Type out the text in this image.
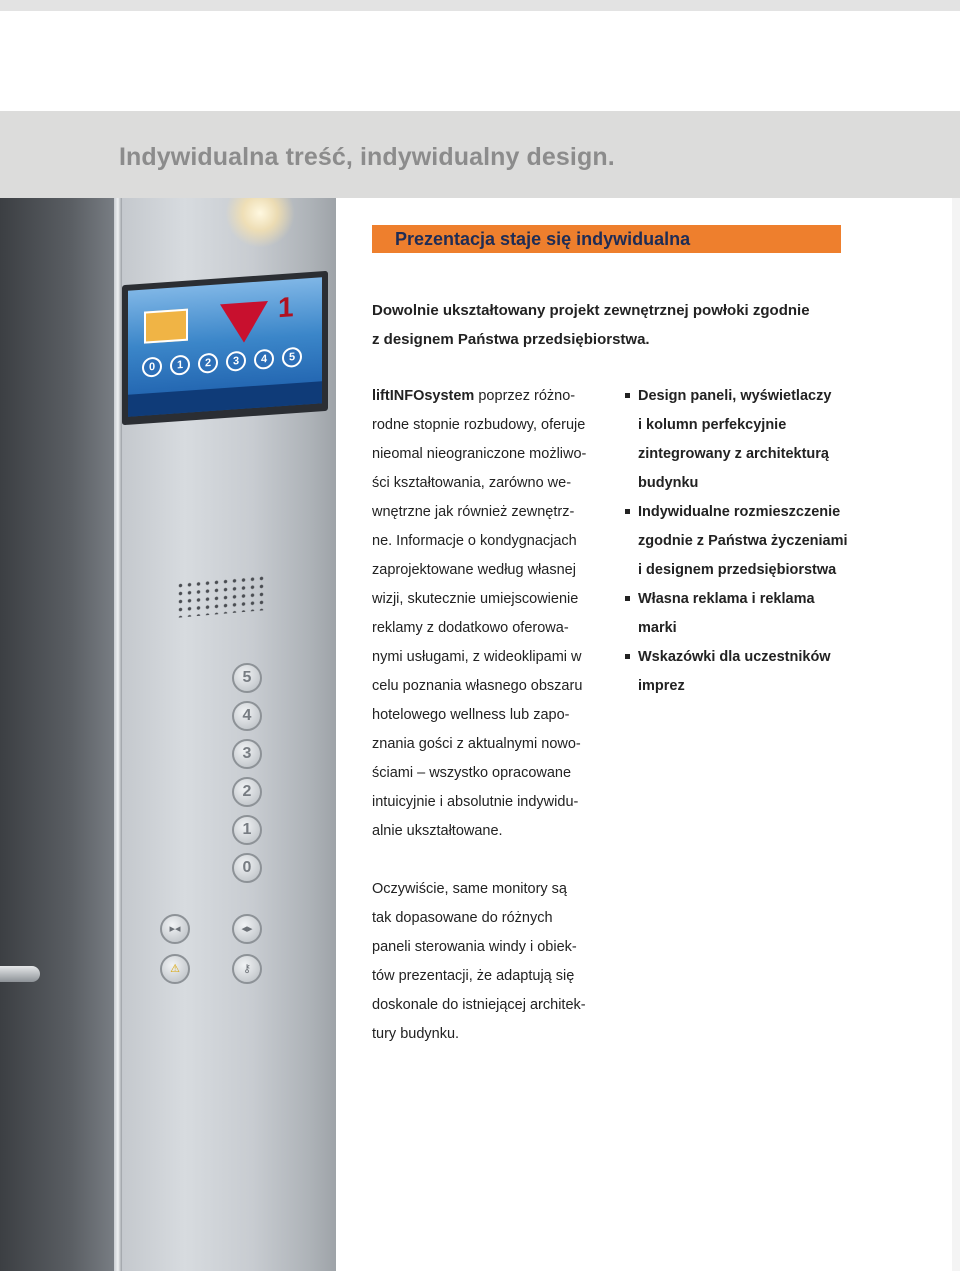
Indywidualna treść, indywidualny design.
1
0	1	2	3	4	5
5
4
3
2
1
0
▸◂	◂▸
⚠	⚷
Prezentacja staje się indywidualna

Dowolnie ukształtowany projekt zewnętrznej powłoki zgodnie

z designem Państwa przedsiębiorstwa.

liftINFOsystem poprzez różno-

rodne stopnie rozbudowy, oferuje

nieomal nieograniczone możliwo-

ści kształtowania, zarówno we-

wnętrzne jak również zewnętrz-

ne. Informacje o kondygnacjach

zaprojektowane według własnej

wizji, skutecznie umiejscowienie

reklamy z dodatkowo oferowa-

nymi usługami, z wideoklipami w

celu poznania własnego obszaru

hotelowego wellness lub zapo-

znania gości z aktualnymi nowo-

ściami – wszystko opracowane

intuicyjnie i absolutnie indywidu-

alnie ukształtowane.

Oczywiście, same monitory są

tak dopasowane do różnych

paneli sterowania windy i obiek-

tów prezentacji, że adaptują się

doskonale do istniejącej architek-

tury budynku.

Design paneli, wyświetlaczy
i kolumn perfekcyjnie
zintegrowany z architekturą
budynku
Indywidualne rozmieszczenie
zgodnie z Państwa życzeniami
i designem przedsiębiorstwa
Własna reklama i reklama
marki
Wskazówki dla uczestników
imprez
